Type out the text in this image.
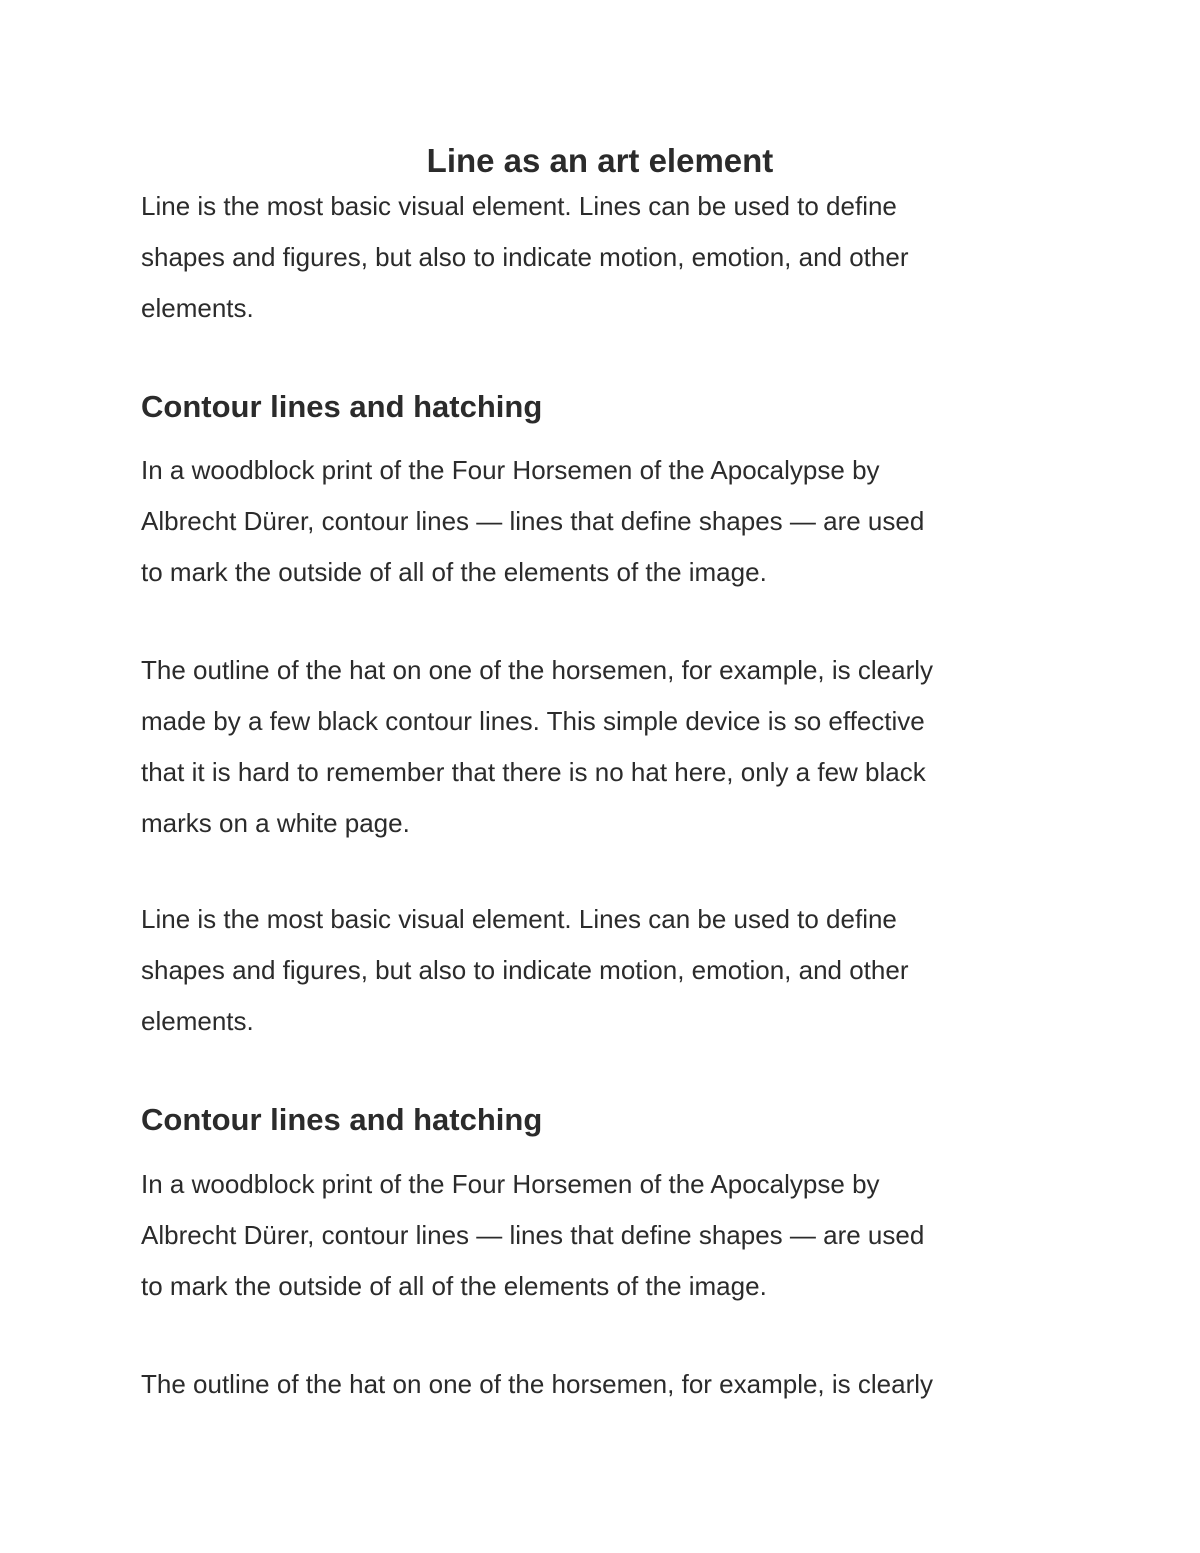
Line as an art element

Line is the most basic visual element. Lines can be used to define
shapes and figures, but also to indicate motion, emotion, and other
elements.

Contour lines and hatching

In a woodblock print of the Four Horsemen of the Apocalypse by
Albrecht Dürer, contour lines — lines that define shapes — are used
to mark the outside of all of the elements of the image.

The outline of the hat on one of the horsemen, for example, is clearly
made by a few black contour lines. This simple device is so effective
that it is hard to remember that there is no hat here, only a few black
marks on a white page.

Line is the most basic visual element. Lines can be used to define
shapes and figures, but also to indicate motion, emotion, and other
elements.

Contour lines and hatching

In a woodblock print of the Four Horsemen of the Apocalypse by
Albrecht Dürer, contour lines — lines that define shapes — are used
to mark the outside of all of the elements of the image.

The outline of the hat on one of the horsemen, for example, is clearly
